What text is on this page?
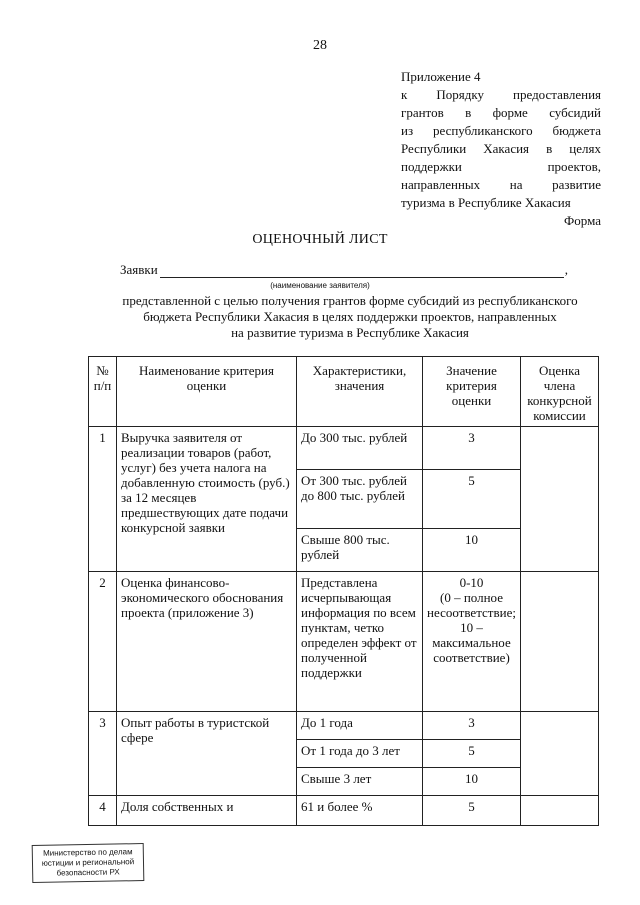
28
Приложение 4
к Порядку предоставления
грантов в форме субсидий
из республиканского бюджета
Республики Хакасия в целях
поддержки проектов,
направленных на развитие
туризма в Республике Хакасия
Форма
ОЦЕНОЧНЫЙ ЛИСТ
Заявки	,
(наименование заявителя)
представленной с целью получения грантов форме субсидий из республиканского
бюджета Республики Хакасия в целях поддержки проектов, направленных
на развитие туризма в Республике Хакасия
№ п/п	Наименование критерия оценки	Характеристики, значения	Значение критерия оценки	Оценка члена конкурсной комиссии
1	Выручка заявителя от реализации товаров (работ, услуг) без учета налога на добавленную стоимость (руб.) за 12 месяцев предшествующих дате подачи конкурсной заявки	До 300 тыс. рублей	3	
		От 300 тыс. рублей до 800 тыс. рублей	5	
		Свыше 800 тыс. рублей	10	
2	Оценка финансово-экономического обоснования проекта (приложение 3)	Представлена исчерпывающая информация по всем пунктам, четко определен эффект от полученной поддержки	0-10
(0 – полное несоответствие; 10 – максимальное соответствие)	

3	Опыт работы в туристской сфере	До 1 года	3	
		От 1 года до 3 лет	5	
		Свыше 3 лет	10	
4	Доля собственных и	61 и более %	5	
Министерство по делам
юстиции и региональной
безопасности РХ
